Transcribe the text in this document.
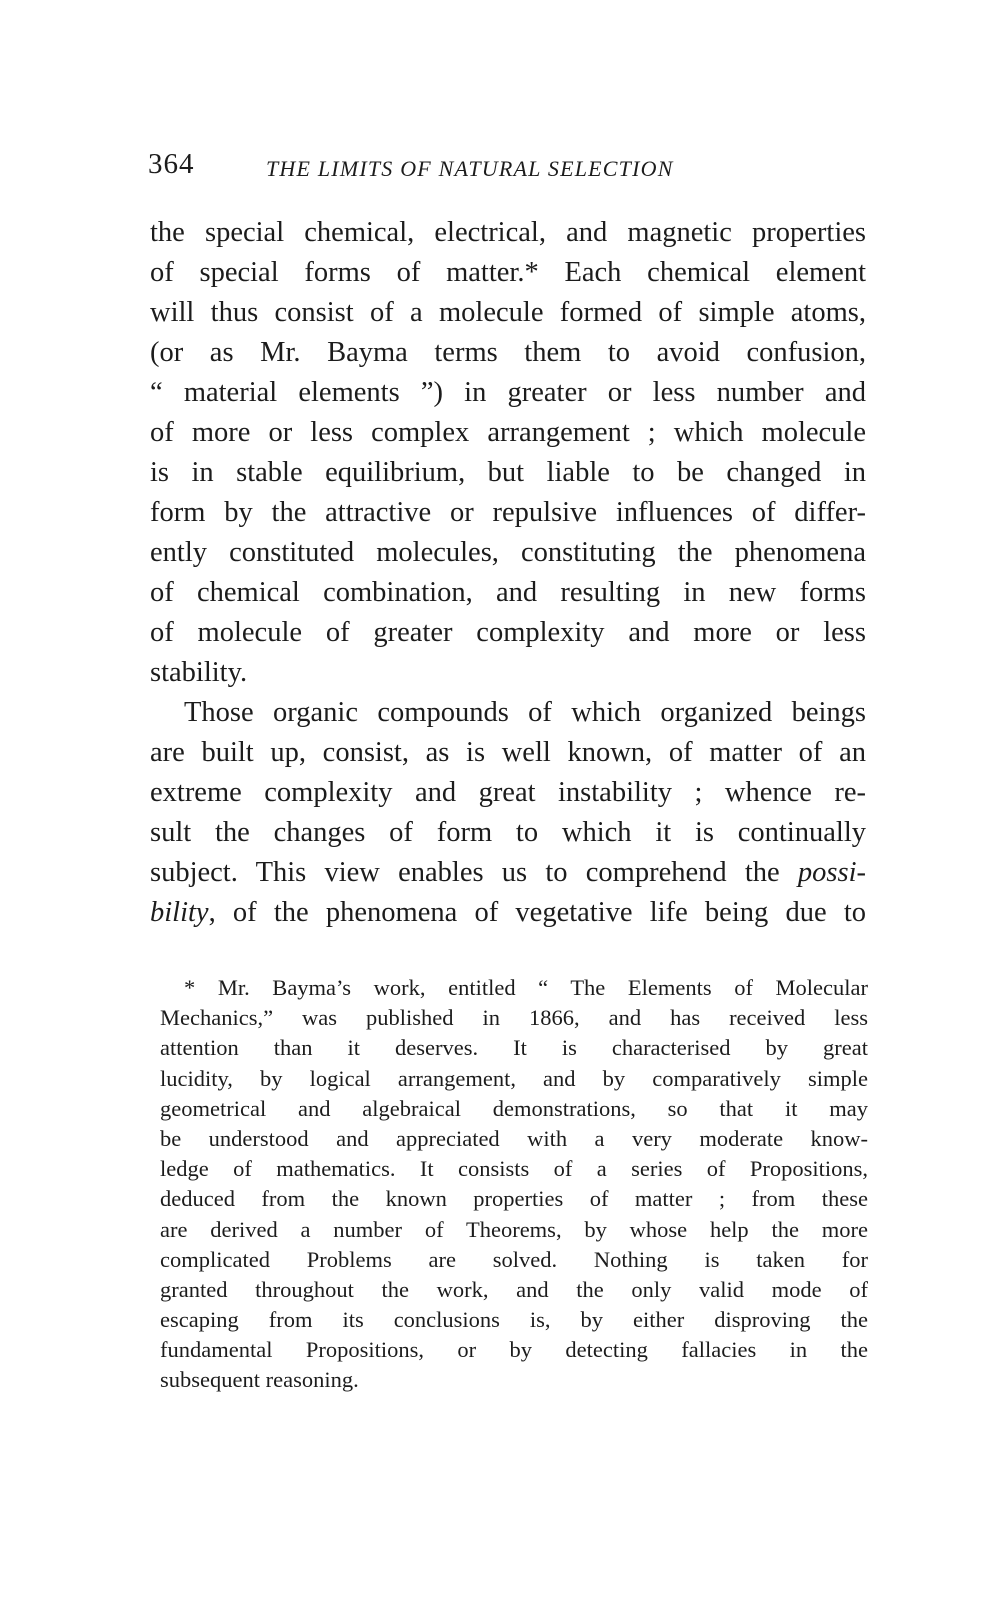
364	THE LIMITS OF NATURAL SELECTION
the special chemical, electrical, and magnetic properties
of special forms of matter.* Each chemical element
will thus consist of a molecule formed of simple atoms,
(or as Mr. Bayma terms them to avoid confusion,
“ material elements ”) in greater or less number and
of more or less complex arrangement ; which molecule
is in stable equilibrium, but liable to be changed in
form by the attractive or repulsive influences of differ-
ently constituted molecules, constituting the phenomena
of chemical combination, and resulting in new forms
of molecule of greater complexity and more or less
stability.
Those organic compounds of which organized beings
are built up, consist, as is well known, of matter of an
extreme complexity and great instability ; whence re-
sult the changes of form to which it is continually
subject. This view enables us to comprehend the possi-
bility, of the phenomena of vegetative life being due to
* Mr. Bayma’s work, entitled “ The Elements of Molecular
Mechanics,” was published in 1866, and has received less
attention than it deserves. It is characterised by great
lucidity, by logical arrangement, and by comparatively simple
geometrical and algebraical demonstrations, so that it may
be understood and appreciated with a very moderate know-
ledge of mathematics. It consists of a series of Propositions,
deduced from the known properties of matter ; from these
are derived a number of Theorems, by whose help the more
complicated Problems are solved. Nothing is taken for
granted throughout the work, and the only valid mode of
escaping from its conclusions is, by either disproving the
fundamental Propositions, or by detecting fallacies in the
subsequent reasoning.
